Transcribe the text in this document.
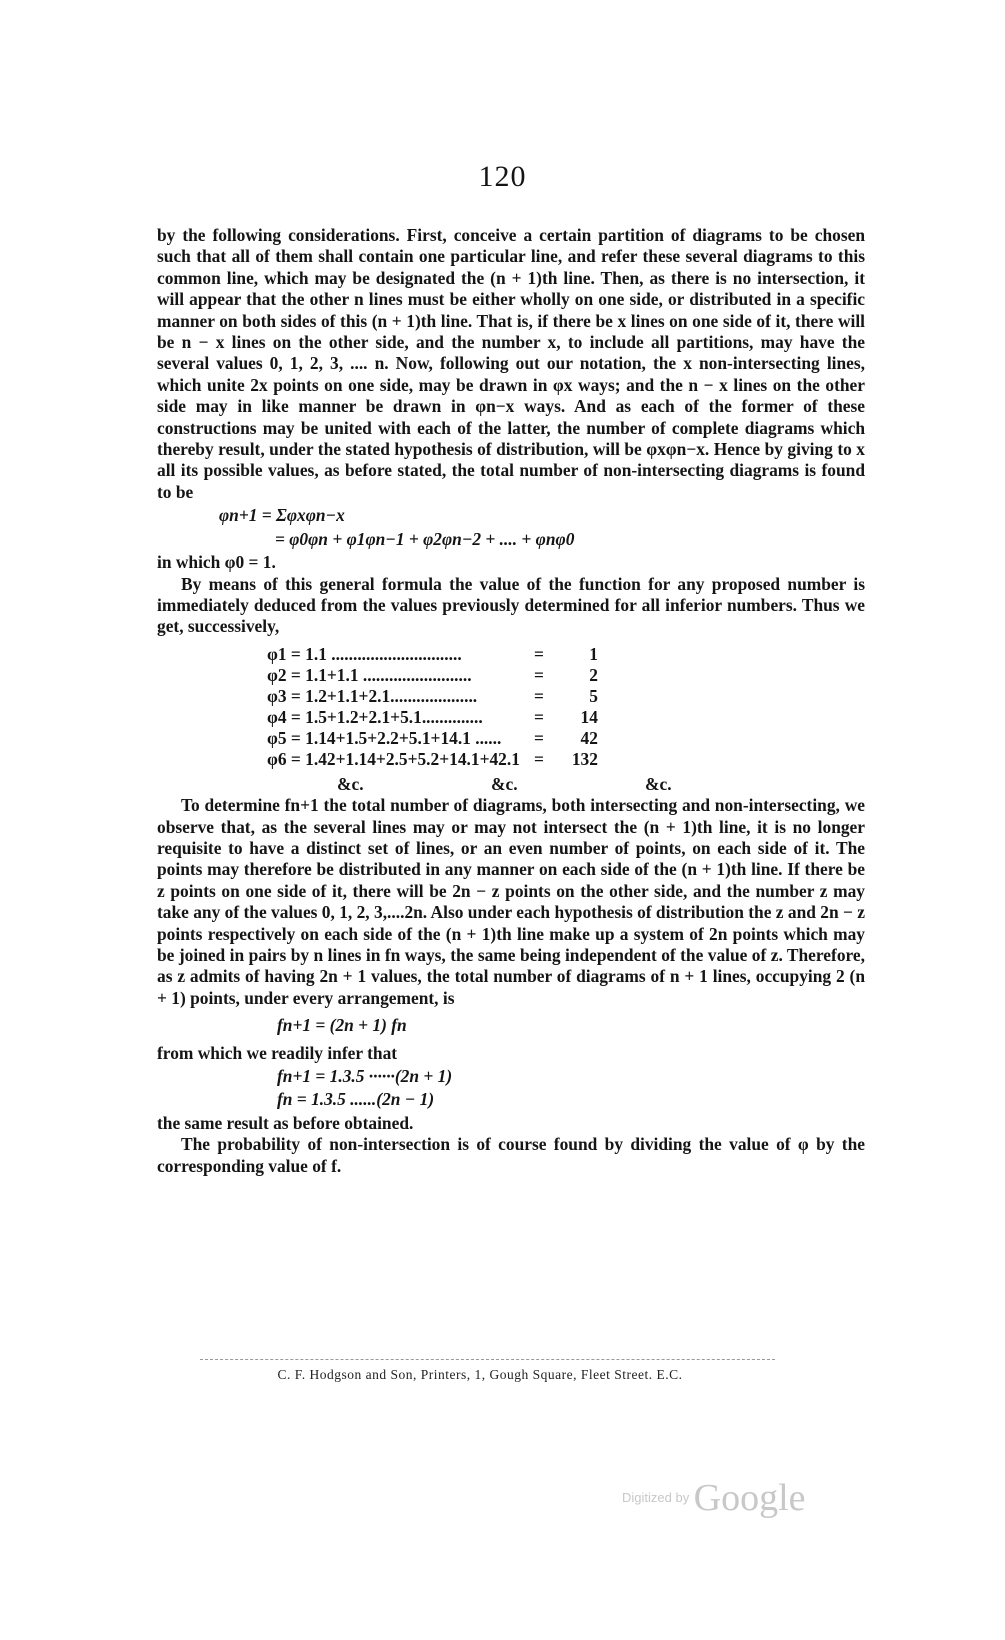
120

by the following considerations. First, conceive a certain partition of diagrams to be chosen such that all of them shall contain one particular line, and refer these several diagrams to this common line, which may be designated the (n + 1)th line. Then, as there is no intersection, it will appear that the other n lines must be either wholly on one side, or distributed in a specific manner on both sides of this (n + 1)th line. That is, if there be x lines on one side of it, there will be n − x lines on the other side, and the number x, to include all partitions, may have the several values 0, 1, 2, 3, .... n. Now, following out our notation, the x non-intersecting lines, which unite 2x points on one side, may be drawn in φx ways; and the n − x lines on the other side may in like manner be drawn in φn−x ways. And as each of the former of these constructions may be united with each of the latter, the number of complete diagrams which thereby result, under the stated hypothesis of distribution, will be φxφn−x. Hence by giving to x all its possible values, as before stated, the total number of non-intersecting diagrams is found to be

φn+1 = Σφxφn−x
= φ0φn + φ1φn−1 + φ2φn−2 + .... + φnφ0

in which φ0 = 1.

By means of this general formula the value of the function for any proposed number is immediately deduced from the values previously determined for all inferior numbers. Thus we get, successively,

φ1 = 1.1 ..............................	=	1
φ2 = 1.1+1.1 .........................	=	2
φ3 = 1.2+1.1+2.1....................	=	5
φ4 = 1.5+1.2+2.1+5.1..............	=	14
φ5 = 1.14+1.5+2.2+5.1+14.1 ......	=	42
φ6 = 1.42+1.14+2.5+5.2+14.1+42.1	=	132
&c.	&c.	&c.

To determine fn+1 the total number of diagrams, both intersecting and non-intersecting, we observe that, as the several lines may or may not intersect the (n + 1)th line, it is no longer requisite to have a distinct set of lines, or an even number of points, on each side of it. The points may therefore be distributed in any manner on each side of the (n + 1)th line. If there be z points on one side of it, there will be 2n − z points on the other side, and the number z may take any of the values 0, 1, 2, 3,....2n. Also under each hypothesis of distribution the z and 2n − z points respectively on each side of the (n + 1)th line make up a system of 2n points which may be joined in pairs by n lines in fn ways, the same being independent of the value of z. Therefore, as z admits of having 2n + 1 values, the total number of diagrams of n + 1 lines, occupying 2 (n + 1) points, under every arrangement, is

fn+1 = (2n + 1) fn

from which we readily infer that

fn+1 = 1.3.5 ······(2n + 1)
fn = 1.3.5 ......(2n − 1)

the same result as before obtained.

The probability of non-intersection is of course found by dividing the value of φ by the corresponding value of f.

C. F. Hodgson and Son, Printers, 1, Gough Square, Fleet Street. E.C.
$^{Digitized by}$ Google
